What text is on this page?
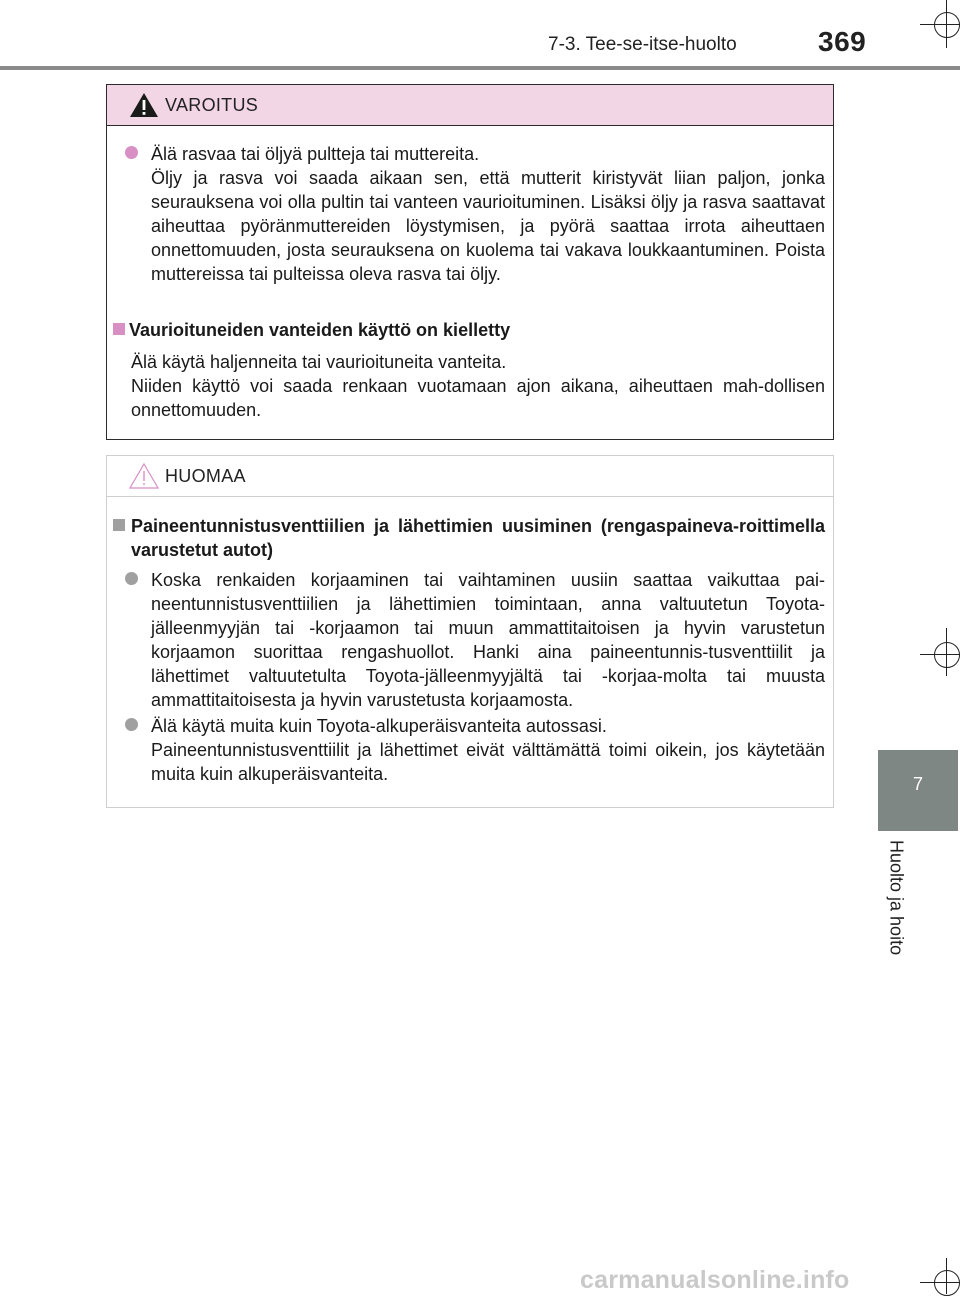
7-3. Tee-se-itse-huolto	369
7
Huolto ja hoito
VAROITUS

Älä rasvaa tai öljyä pultteja tai muttereita.

Öljy ja rasva voi saada aikaan sen, että mutterit kiristyvät liian paljon, jonka seurauksena voi olla pultin tai vanteen vaurioituminen. Lisäksi öljy ja rasva saattavat aiheuttaa pyöränmuttereiden löystymisen, ja pyörä saattaa irrota aiheuttaen onnettomuuden, josta seurauksena on kuolema tai vakava loukkaantuminen. Poista muttereissa tai pulteissa oleva rasva tai öljy.

Vaurioituneiden vanteiden käyttö on kielletty

Älä käytä haljenneita tai vaurioituneita vanteita.

Niiden käyttö voi saada renkaan vuotamaan ajon aikana, aiheuttaen mah-dollisen onnettomuuden.

HUOMAA
Paineentunnistusventtiilien ja lähettimien uusiminen (rengaspaineva-roittimella varustetut autot)
Koska renkaiden korjaaminen tai vaihtaminen uusiin saattaa vaikuttaa pai-neentunnistusventtiilien ja lähettimien toimintaan, anna valtuutetun Toyota-jälleenmyyjän tai -korjaamon tai muun ammattitaitoisen ja hyvin varustetun korjaamon suorittaa rengashuollot. Hanki aina paineentunnis-tusventtiilit ja lähettimet valtuutetulta Toyota-jälleenmyyjältä tai -korjaa-molta tai muusta ammattitaitoisesta ja hyvin varustetusta korjaamosta.

Älä käytä muita kuin Toyota-alkuperäisvanteita autossasi.

Paineentunnistusventtiilit ja lähettimet eivät välttämättä toimi oikein, jos käytetään muita kuin alkuperäisvanteita.

carmanualsonline.info
